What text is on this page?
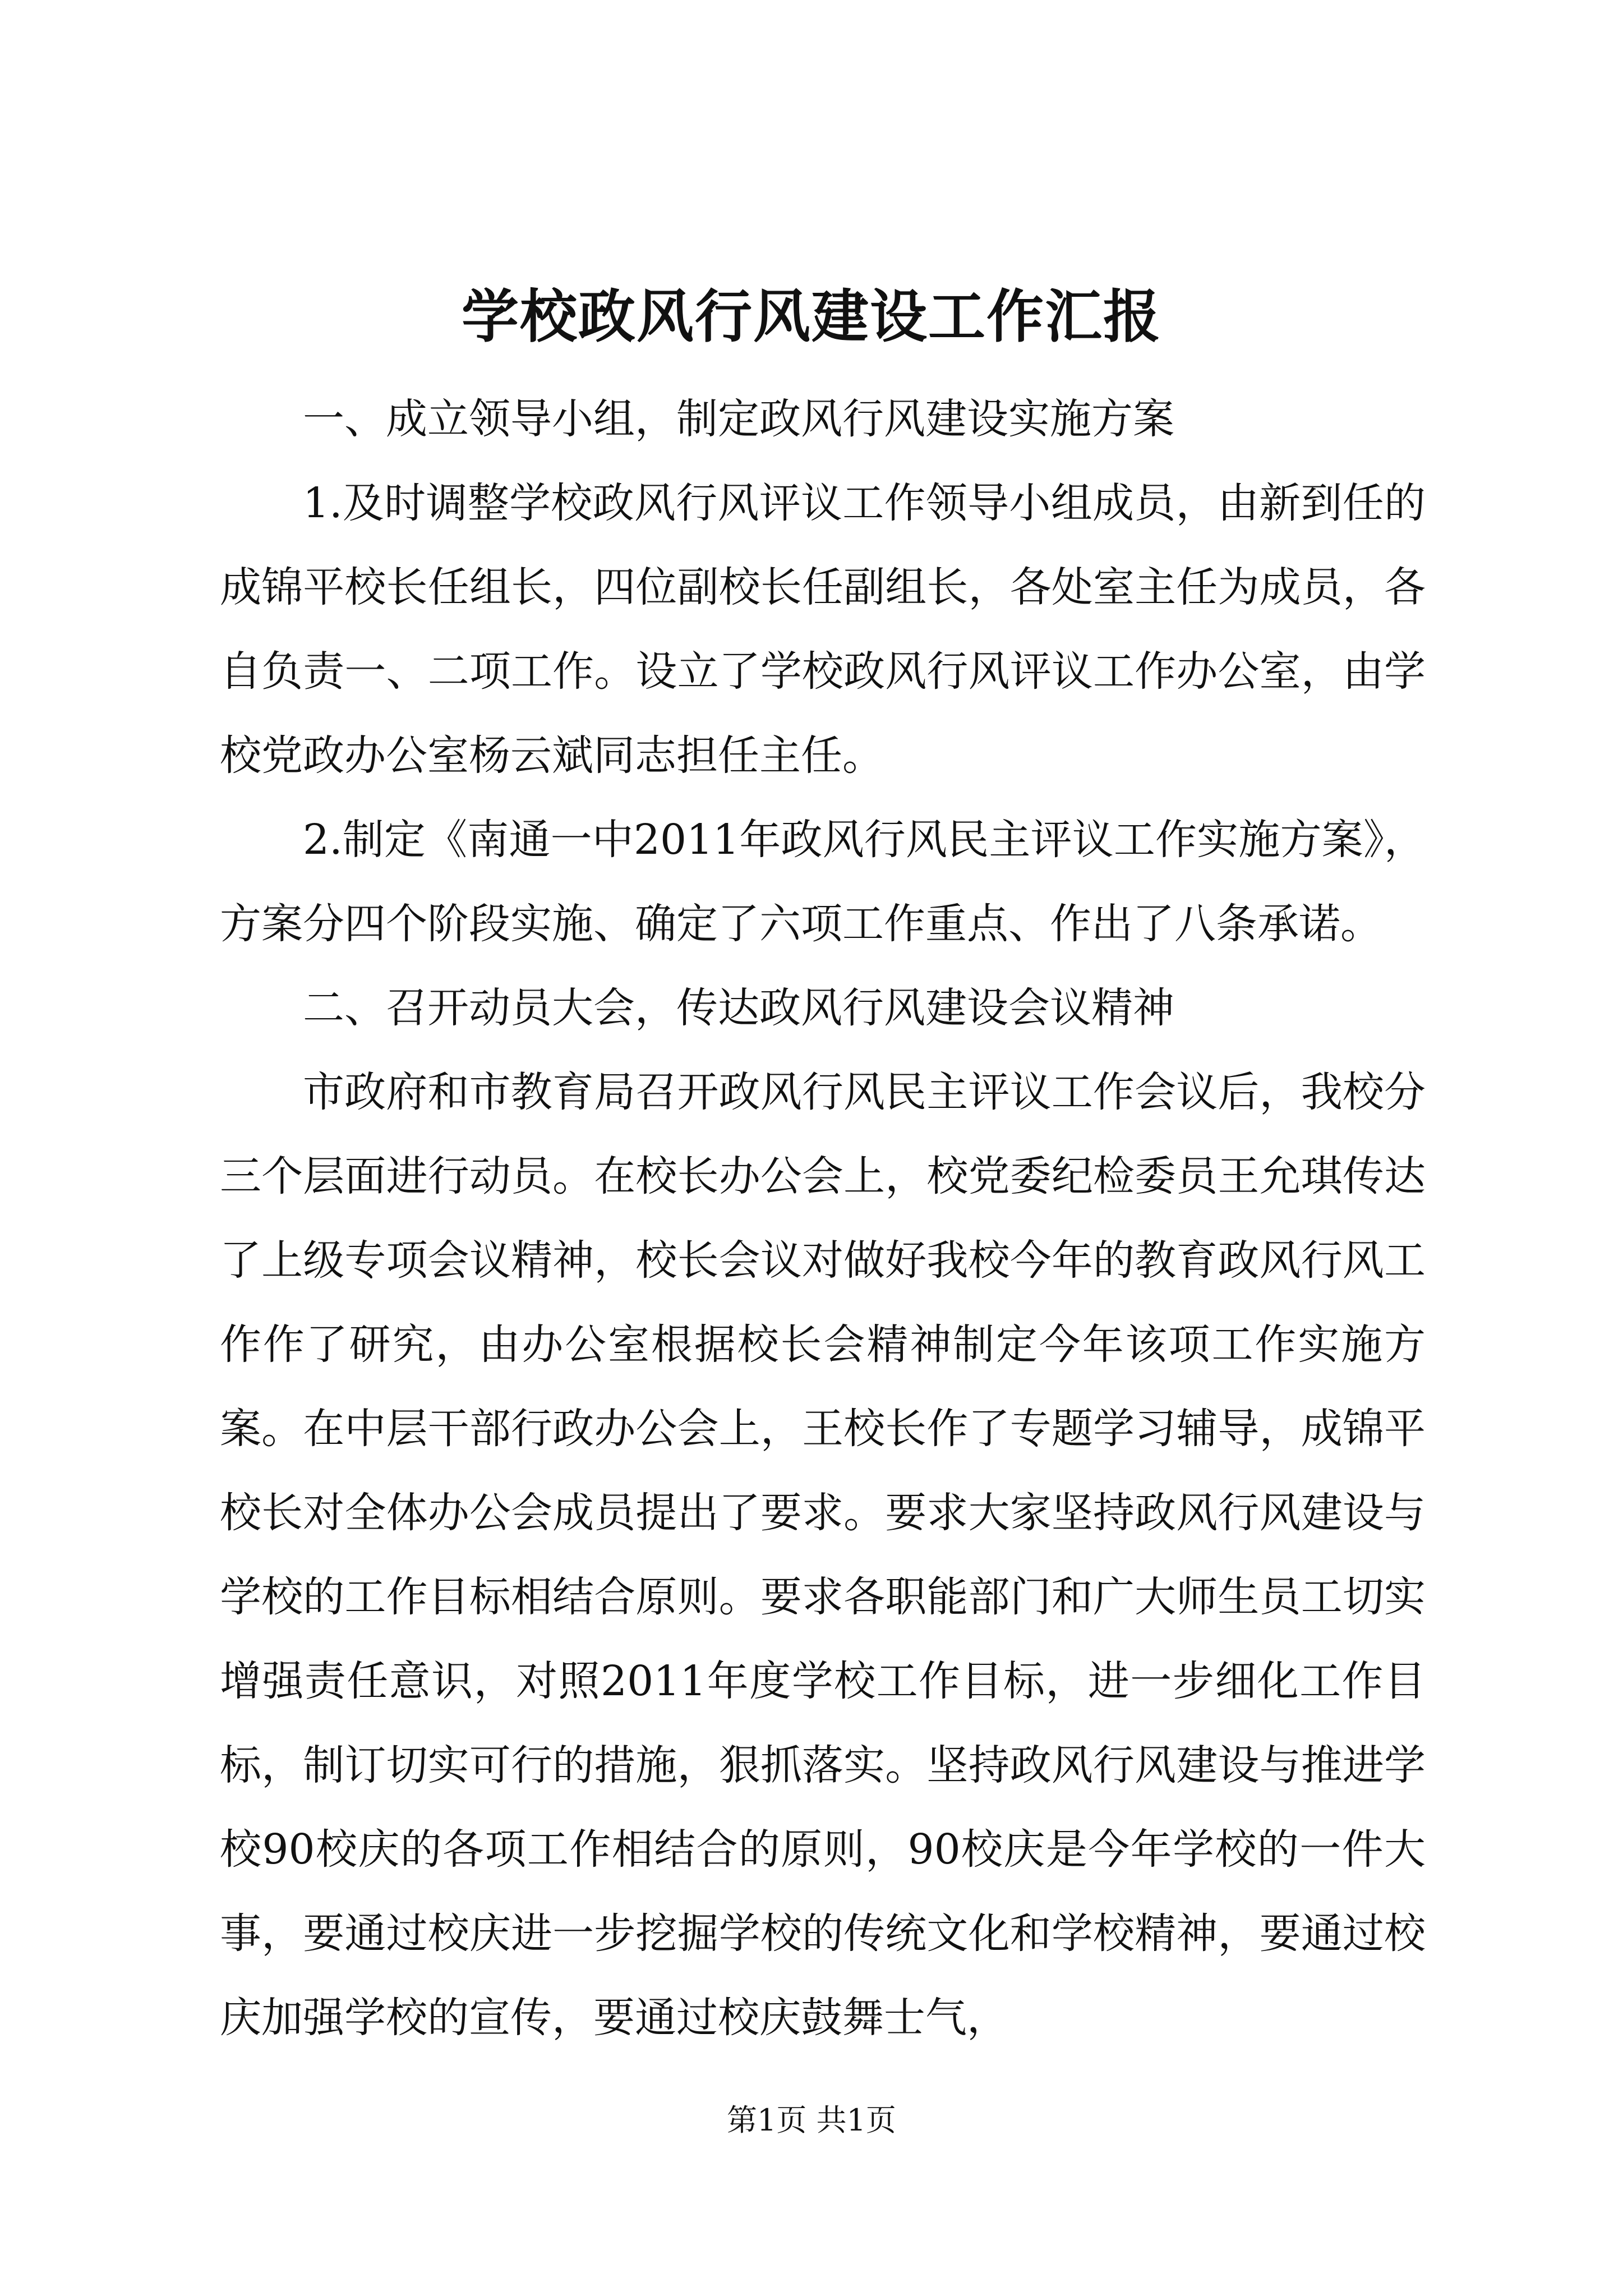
学校政风行风建设工作汇报

一、成立领导小组，制定政风行风建设实施方案

1.及时调整学校政风行风评议工作领导小组成员，由新到任的成锦平校长任组长，四位副校长任副组长，各处室主任为成员，各自负责一、二项工作。设立了学校政风行风评议工作办公室，由学校党政办公室杨云斌同志担任主任。

2.制定《南通一中2011年政风行风民主评议工作实施方案》，方案分四个阶段实施、确定了六项工作重点、作出了八条承诺。

二、召开动员大会，传达政风行风建设会议精神

市政府和市教育局召开政风行风民主评议工作会议后，我校分三个层面进行动员。在校长办公会上，校党委纪检委员王允琪传达了上级专项会议精神，校长会议对做好我校今年的教育政风行风工作作了研究，由办公室根据校长会精神制定今年该项工作实施方案。在中层干部行政办公会上，王校长作了专题学习辅导，成锦平校长对全体办公会成员提出了要求。要求大家坚持政风行风建设与学校的工作目标相结合原则。要求各职能部门和广大师生员工切实增强责任意识，对照2011年度学校工作目标，进一步细化工作目标，制订切实可行的措施，狠抓落实。坚持政风行风建设与推进学校90校庆的各项工作相结合的原则，90校庆是今年学校的一件大事，要通过校庆进一步挖掘学校的传统文化和学校精神，要通过校庆加强学校的宣传，要通过校庆鼓舞士气，

第1页 共1页
